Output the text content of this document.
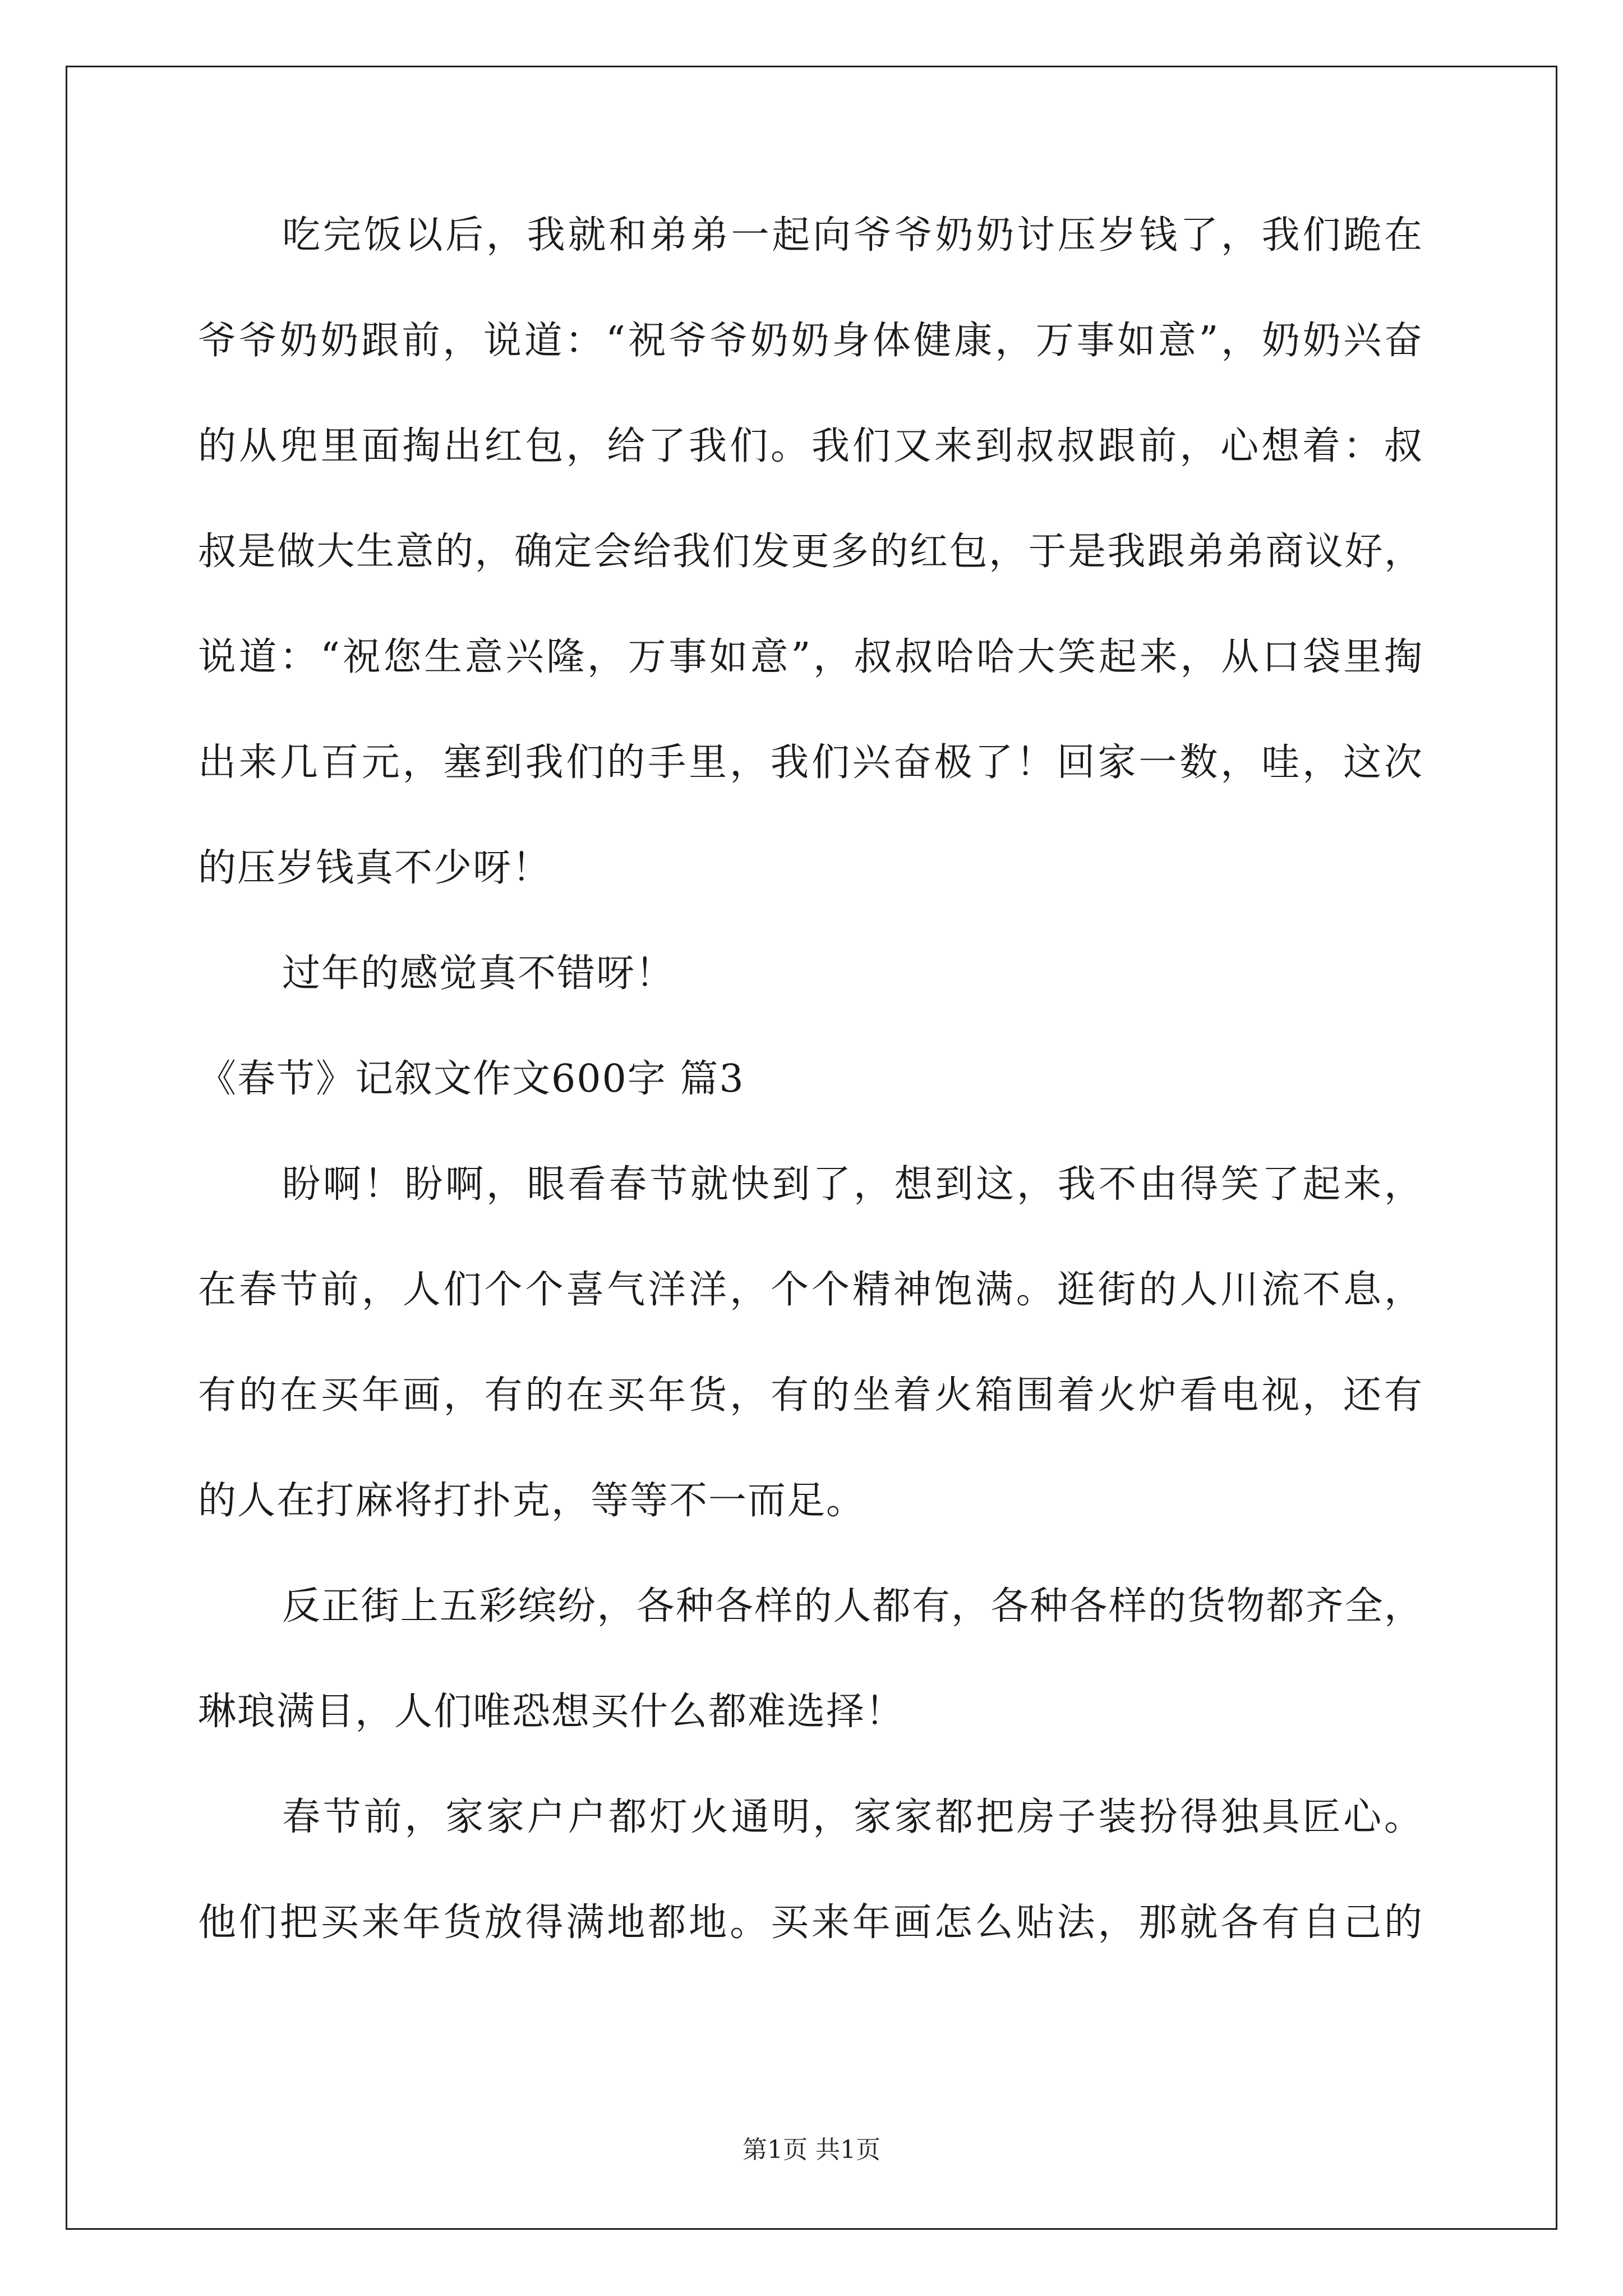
吃完饭以后，我就和弟弟一起向爷爷奶奶讨压岁钱了，我们跪在
爷爷奶奶跟前，说道：“祝爷爷奶奶身体健康，万事如意”，奶奶兴奋
的从兜里面掏出红包，给了我们。我们又来到叔叔跟前，心想着：叔
叔是做大生意的，确定会给我们发更多的红包，于是我跟弟弟商议好，
说道：“祝您生意兴隆，万事如意”，叔叔哈哈大笑起来，从口袋里掏
出来几百元，塞到我们的手里，我们兴奋极了！回家一数，哇，这次
的压岁钱真不少呀！
过年的感觉真不错呀！
《春节》记叙文作文600字 篇3
盼啊！盼啊，眼看春节就快到了，想到这，我不由得笑了起来，
在春节前，人们个个喜气洋洋，个个精神饱满。逛街的人川流不息，
有的在买年画，有的在买年货，有的坐着火箱围着火炉看电视，还有
的人在打麻将打扑克，等等不一而足。
反正街上五彩缤纷，各种各样的人都有，各种各样的货物都齐全，
琳琅满目，人们唯恐想买什么都难选择！
春节前，家家户户都灯火通明，家家都把房子装扮得独具匠心。
他们把买来年货放得满地都地。买来年画怎么贴法，那就各有自己的
第1页 共1页
